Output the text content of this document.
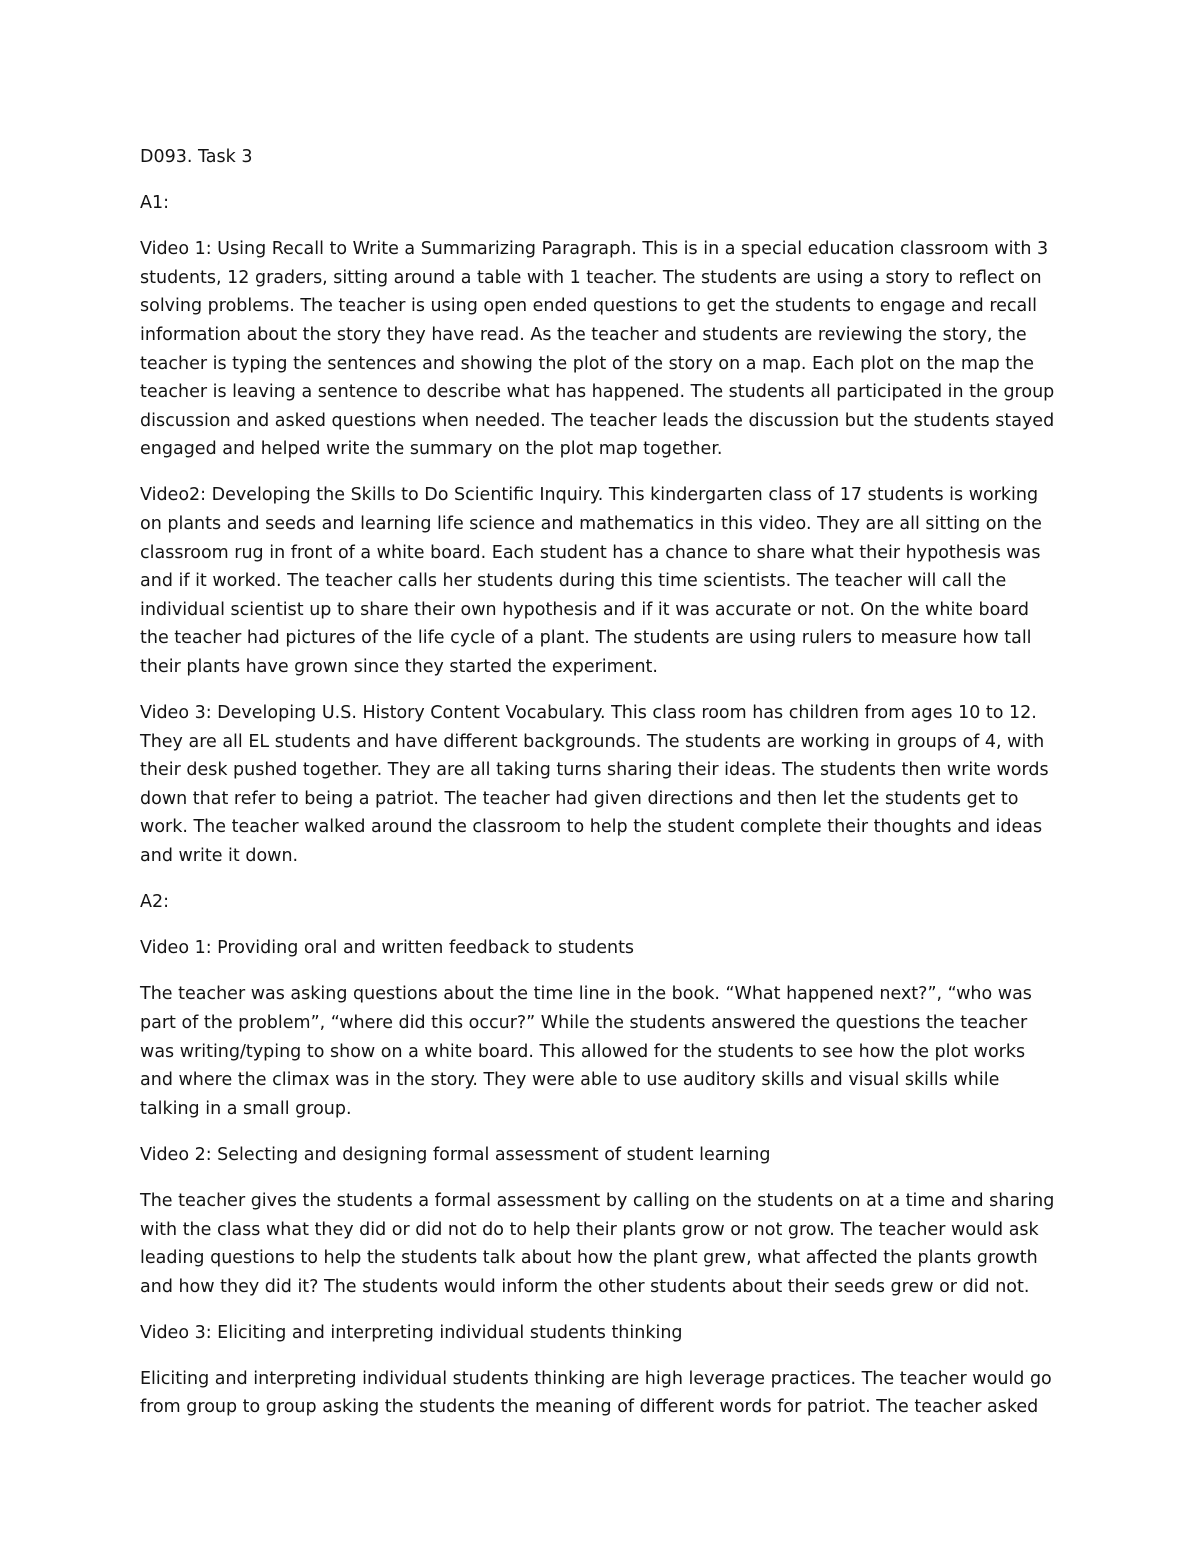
D093. Task 3

A1:

Video 1: Using Recall to Write a Summarizing Paragraph. This is in a special education classroom with 3 students, 12 graders, sitting around a table with 1 teacher. The students are using a story to reflect on solving problems. The teacher is using open ended questions to get the students to engage and recall information about the story they have read. As the teacher and students are reviewing the story, the teacher is typing the sentences and showing the plot of the story on a map. Each plot on the map the teacher is leaving a sentence to describe what has happened. The students all participated in the group discussion and asked questions when needed. The teacher leads the discussion but the students stayed engaged and helped write the summary on the plot map together.

Video2: Developing the Skills to Do Scientific Inquiry. This kindergarten class of 17 students is working on plants and seeds and learning life science and mathematics in this video. They are all sitting on the classroom rug in front of a white board. Each student has a chance to share what their hypothesis was and if it worked. The teacher calls her students during this time scientists. The teacher will call the individual scientist up to share their own hypothesis and if it was accurate or not. On the white board the teacher had pictures of the life cycle of a plant. The students are using rulers to measure how tall their plants have grown since they started the experiment.

Video 3: Developing U.S. History Content Vocabulary. This class room has children from ages 10 to 12. They are all EL students and have different backgrounds. The students are working in groups of 4, with their desk pushed together. They are all taking turns sharing their ideas. The students then write words down that refer to being a patriot. The teacher had given directions and then let the students get to work. The teacher walked around the classroom to help the student complete their thoughts and ideas and write it down.

A2:

Video 1: Providing oral and written feedback to students

The teacher was asking questions about the time line in the book. “What happened next?”, “who was part of the problem”, “where did this occur?” While the students answered the questions the teacher was writing/typing to show on a white board. This allowed for the students to see how the plot works and where the climax was in the story. They were able to use auditory skills and visual skills while talking in a small group.

Video 2: Selecting and designing formal assessment of student learning

The teacher gives the students a formal assessment by calling on the students on at a time and sharing with the class what they did or did not do to help their plants grow or not grow. The teacher would ask leading questions to help the students talk about how the plant grew, what affected the plants growth and how they did it? The students would inform the other students about their seeds grew or did not.

Video 3: Eliciting and interpreting individual students thinking

Eliciting and interpreting individual students thinking are high leverage practices. The teacher would go from group to group asking the students the meaning of different words for patriot. The teacher asked
